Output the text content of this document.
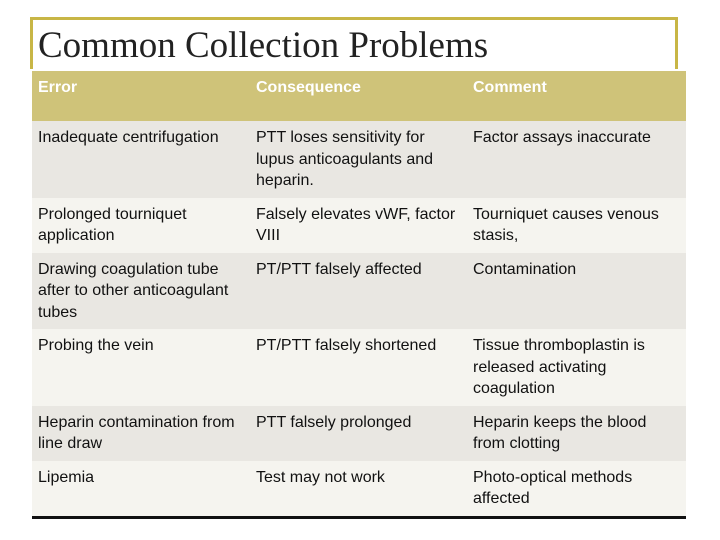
Common Collection Problems
Error	Consequence	Comment
Inadequate centrifugation	PTT loses sensitivity for lupus anticoagulants and heparin.	Factor assays inaccurate
Prolonged tourniquet application	Falsely elevates vWF, factor VIII	Tourniquet causes venous stasis,
Drawing coagulation tube after to other anticoagulant tubes	PT/PTT falsely affected	Contamination
Probing the vein	PT/PTT falsely shortened	Tissue thromboplastin is released activating coagulation
Heparin contamination from line draw	PTT falsely prolonged	Heparin keeps the blood from clotting
Lipemia	Test may not work	Photo-optical methods affected
